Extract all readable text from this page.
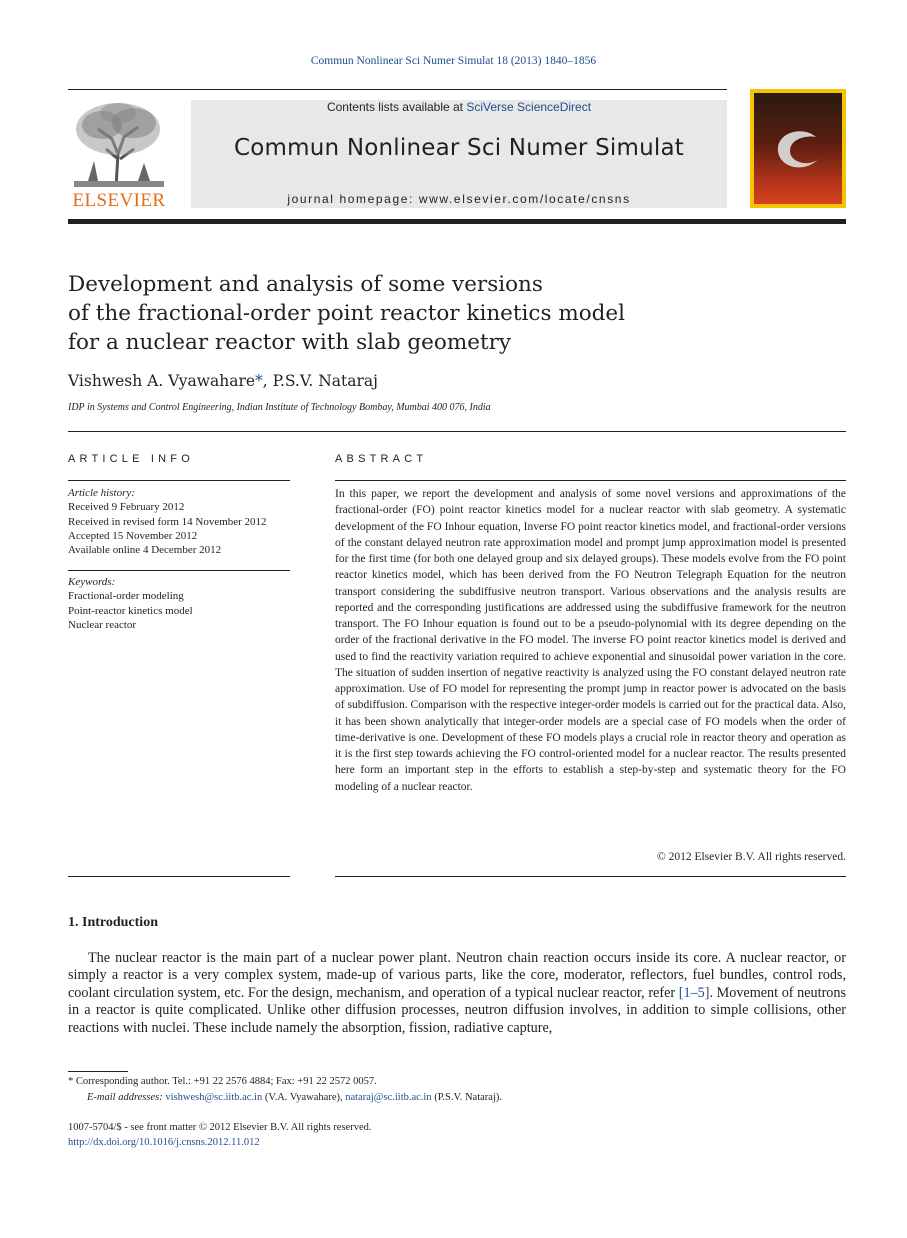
Commun Nonlinear Sci Numer Simulat 18 (2013) 1840–1856
ELSEVIER
Contents lists available at SciVerse ScienceDirect
Commun Nonlinear Sci Numer Simulat
journal homepage: www.elsevier.com/locate/cnsns
Development and analysis of some versions
of the fractional-order point reactor kinetics model
for a nuclear reactor with slab geometry
Vishwesh A. Vyawahare*, P.S.V. Nataraj
IDP in Systems and Control Engineering, Indian Institute of Technology Bombay, Mumbai 400 076, India
ARTICLE INFO	ABSTRACT
Article history:
Received 9 February 2012
Received in revised form 14 November 2012
Accepted 15 November 2012
Available online 4 December 2012
Keywords:
Fractional-order modeling
Point-reactor kinetics model
Nuclear reactor

In this paper, we report the development and analysis of some novel versions and approximations of the fractional-order (FO) point reactor kinetics model for a nuclear reactor with slab geometry. A systematic development of the FO Inhour equation, Inverse FO point reactor kinetics model, and fractional-order versions of the constant delayed neutron rate approximation model and prompt jump approximation model is presented for the first time (for both one delayed group and six delayed groups). These models evolve from the FO point reactor kinetics model, which has been derived from the FO Neutron Telegraph Equation for the neutron transport considering the subdiffusive neutron transport. Various observations and the analysis results are reported and the corresponding justifications are addressed using the subdiffusive framework for the neutron transport. The FO Inhour equation is found out to be a pseudo-polynomial with its degree depending on the order of the fractional derivative in the FO model. The inverse FO point reactor kinetics model is derived and used to find the reactivity variation required to achieve exponential and sinusoidal power variation in the core. The situation of sudden insertion of negative reactivity is analyzed using the FO constant delayed neutron rate approximation. Use of FO model for representing the prompt jump in reactor power is advocated on the basis of subdiffusion. Comparison with the respective integer-order models is carried out for the practical data. Also, it has been shown analytically that integer-order models are a special case of FO models when the order of time-derivative is one. Development of these FO models plays a crucial role in reactor theory and operation as it is the first step towards achieving the FO control-oriented model for a nuclear reactor. The results presented here form an important step in the efforts to establish a step-by-step and systematic theory for the FO modeling of a nuclear reactor.

© 2012 Elsevier B.V. All rights reserved.
1. Introduction

The nuclear reactor is the main part of a nuclear power plant. Neutron chain reaction occurs inside its core. A nuclear reactor, or simply a reactor is a very complex system, made-up of various parts, like the core, moderator, reflectors, fuel bundles, control rods, coolant circulation system, etc. For the design, mechanism, and operation of a typical nuclear reactor, refer [1–5]. Movement of neutrons in a reactor is quite complicated. Unlike other diffusion processes, neutron diffusion involves, in addition to simple collisions, other reactions with nuclei. These include namely the absorption, fission, radiative capture,

* Corresponding author. Tel.: +91 22 2576 4884; Fax: +91 22 2572 0057.
E-mail addresses: vishwesh@sc.iitb.ac.in (V.A. Vyawahare), nataraj@sc.iitb.ac.in (P.S.V. Nataraj).
1007-5704/$ - see front matter © 2012 Elsevier B.V. All rights reserved.
http://dx.doi.org/10.1016/j.cnsns.2012.11.012
